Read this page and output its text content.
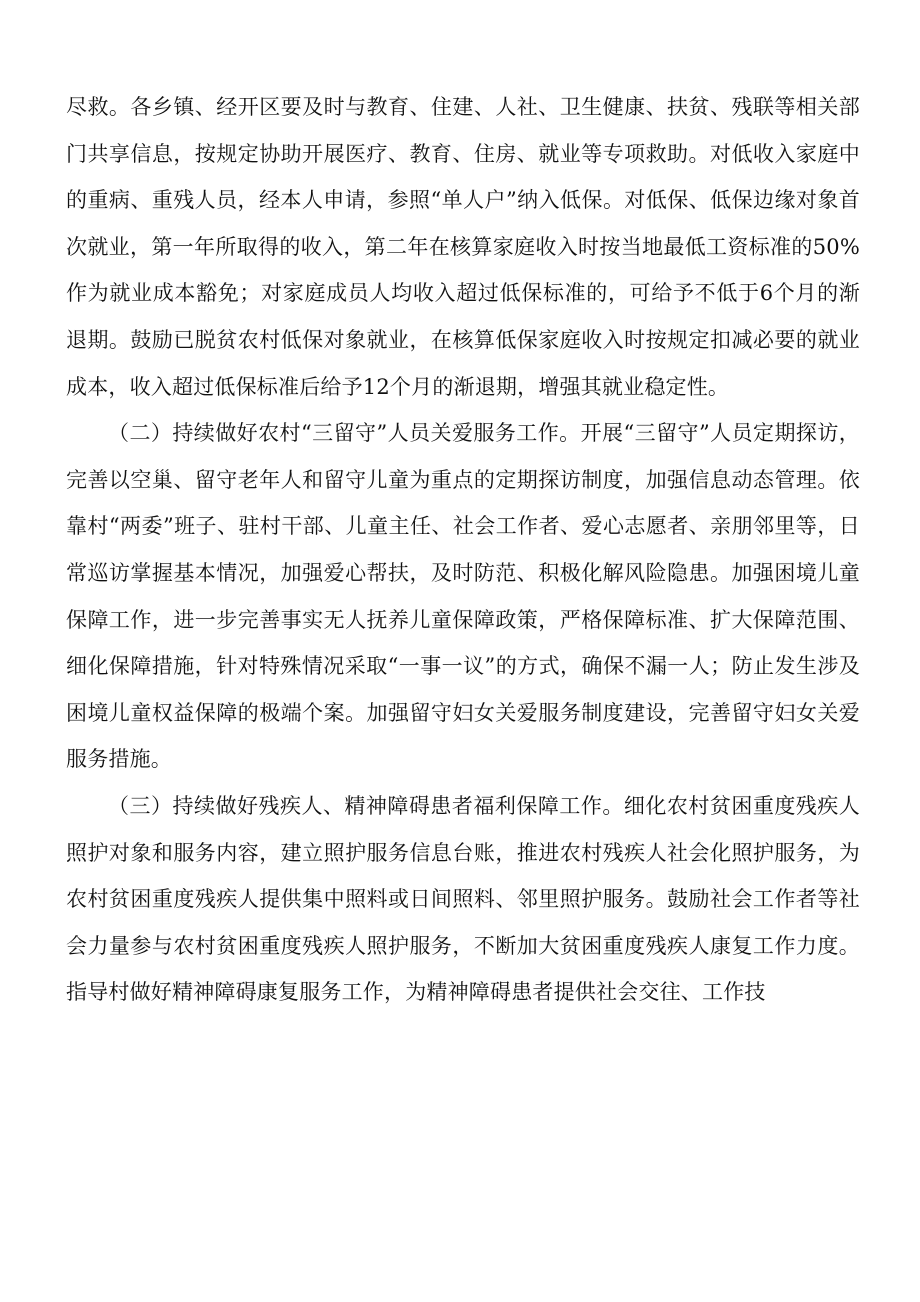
尽救。各乡镇、经开区要及时与教育、住建、人社、卫生健康、扶贫、残联等相关部门共享信息，按规定协助开展医疗、教育、住房、就业等专项救助。对低收入家庭中的重病、重残人员，经本人申请，参照“单人户”纳入低保。对低保、低保边缘对象首次就业，第一年所取得的收入，第二年在核算家庭收入时按当地最低工资标准的50%作为就业成本豁免；对家庭成员人均收入超过低保标准的，可给予不低于6个月的渐退期。鼓励已脱贫农村低保对象就业，在核算低保家庭收入时按规定扣减必要的就业成本，收入超过低保标准后给予12个月的渐退期，增强其就业稳定性。

（二）持续做好农村“三留守”人员关爱服务工作。开展“三留守”人员定期探访，完善以空巢、留守老年人和留守儿童为重点的定期探访制度，加强信息动态管理。依靠村“两委”班子、驻村干部、儿童主任、社会工作者、爱心志愿者、亲朋邻里等，日常巡访掌握基本情况，加强爱心帮扶，及时防范、积极化解风险隐患。加强困境儿童保障工作，进一步完善事实无人抚养儿童保障政策，严格保障标准、扩大保障范围、细化保障措施，针对特殊情况采取“一事一议”的方式，确保不漏一人；防止发生涉及困境儿童权益保障的极端个案。加强留守妇女关爱服务制度建设，完善留守妇女关爱服务措施。

（三）持续做好残疾人、精神障碍患者福利保障工作。细化农村贫困重度残疾人照护对象和服务内容，建立照护服务信息台账，推进农村残疾人社会化照护服务，为农村贫困重度残疾人提供集中照料或日间照料、邻里照护服务。鼓励社会工作者等社会力量参与农村贫困重度残疾人照护服务，不断加大贫困重度残疾人康复工作力度。指导村做好精神障碍康复服务工作，为精神障碍患者提供社会交往、工作技
